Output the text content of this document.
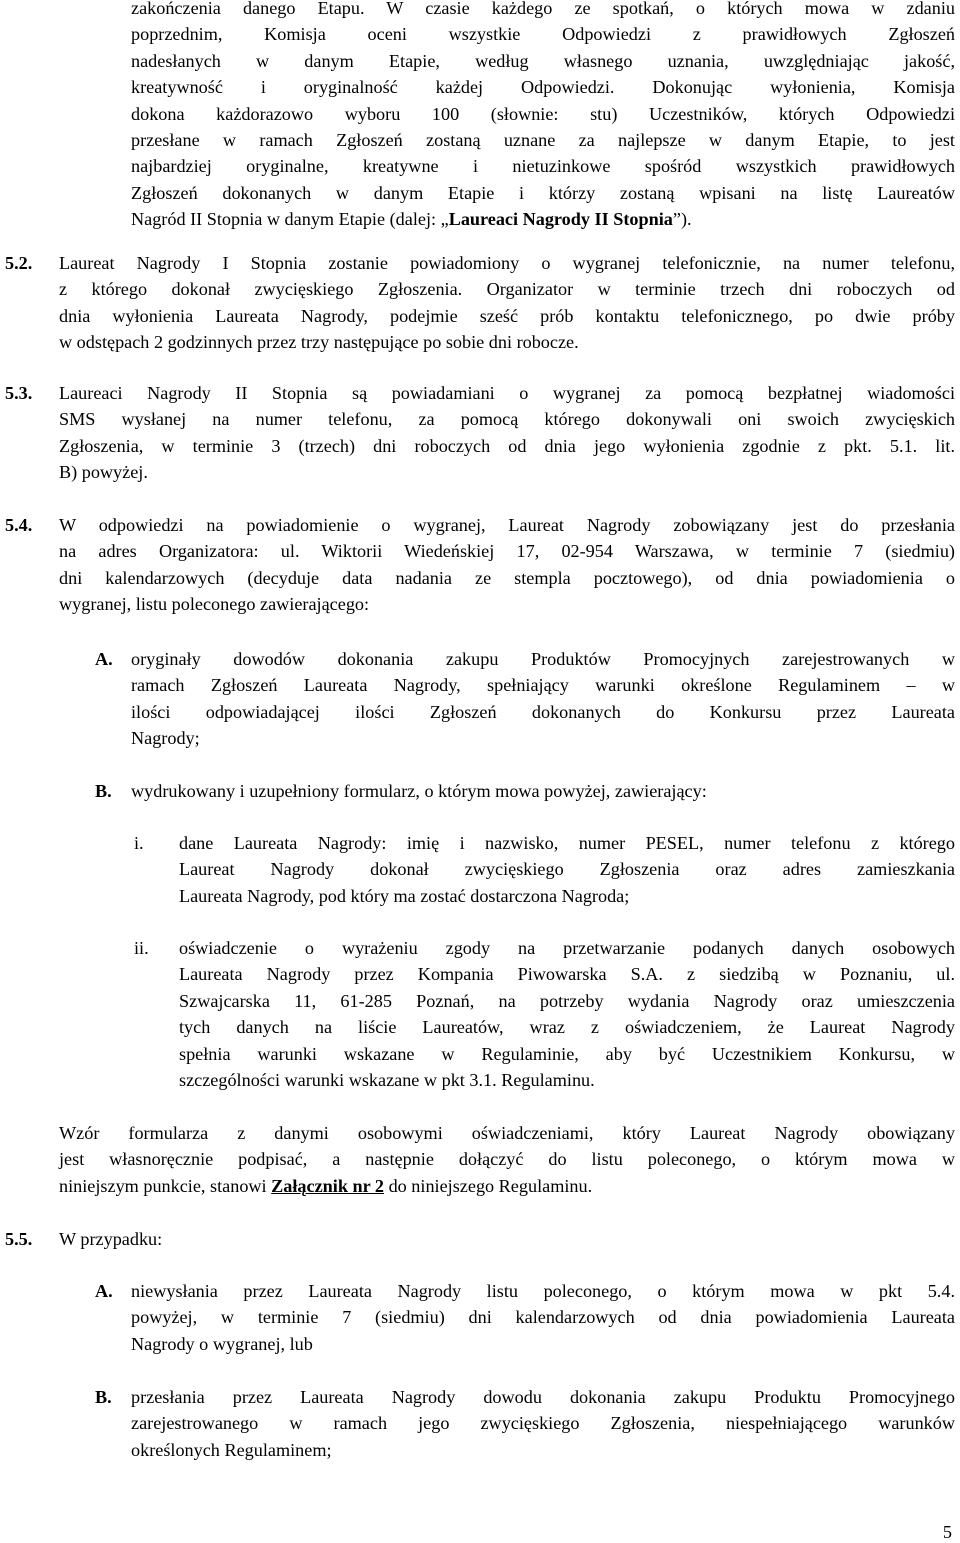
zakończenia danego Etapu. W czasie każdego ze spotkań, o których mowa w zdaniu
poprzednim, Komisja oceni wszystkie Odpowiedzi z prawidłowych Zgłoszeń
nadesłanych w danym Etapie, według własnego uznania, uwzględniając jakość,
kreatywność i oryginalność każdej Odpowiedzi. Dokonując wyłonienia, Komisja
dokona każdorazowo wyboru 100 (słownie: stu) Uczestników, których Odpowiedzi
przesłane w ramach Zgłoszeń zostaną uznane za najlepsze w danym Etapie, to jest
najbardziej oryginalne, kreatywne i nietuzinkowe spośród wszystkich prawidłowych
Zgłoszeń dokonanych w danym Etapie i którzy zostaną wpisani na listę Laureatów
Nagród II Stopnia w danym Etapie (dalej: „Laureaci Nagrody II Stopnia”).
5.2. Laureat Nagrody I Stopnia zostanie powiadomiony o wygranej telefonicznie, na numer telefonu,
z którego dokonał zwycięskiego Zgłoszenia. Organizator w terminie trzech dni roboczych od
dnia wyłonienia Laureata Nagrody, podejmie sześć prób kontaktu telefonicznego, po dwie próby
w odstępach 2 godzinnych przez trzy następujące po sobie dni robocze.
5.3. Laureaci Nagrody II Stopnia są powiadamiani o wygranej za pomocą bezpłatnej wiadomości
SMS wysłanej na numer telefonu, za pomocą którego dokonywali oni swoich zwycięskich
Zgłoszenia, w terminie 3 (trzech) dni roboczych od dnia jego wyłonienia zgodnie z pkt. 5.1. lit.
B) powyżej.
5.4. W odpowiedzi na powiadomienie o wygranej, Laureat Nagrody zobowiązany jest do przesłania
na adres Organizatora: ul. Wiktorii Wiedeńskiej 17, 02-954 Warszawa, w terminie 7 (siedmiu)
dni kalendarzowych (decyduje data nadania ze stempla pocztowego), od dnia powiadomienia o
wygranej, listu poleconego zawierającego:
A. oryginały dowodów dokonania zakupu Produktów Promocyjnych zarejestrowanych w
ramach Zgłoszeń Laureata Nagrody, spełniający warunki określone Regulaminem – w
ilości odpowiadającej ilości Zgłoszeń dokonanych do Konkursu przez Laureata
Nagrody;
B. wydrukowany i uzupełniony formularz, o którym mowa powyżej, zawierający:
i. dane Laureata Nagrody: imię i nazwisko, numer PESEL, numer telefonu z którego
Laureat Nagrody dokonał zwycięskiego Zgłoszenia oraz adres zamieszkania
Laureata Nagrody, pod który ma zostać dostarczona Nagroda;
ii. oświadczenie o wyrażeniu zgody na przetwarzanie podanych danych osobowych
Laureata Nagrody przez Kompania Piwowarska S.A. z siedzibą w Poznaniu, ul.
Szwajcarska 11, 61-285 Poznań, na potrzeby wydania Nagrody oraz umieszczenia
tych danych na liście Laureatów, wraz z oświadczeniem, że Laureat Nagrody
spełnia warunki wskazane w Regulaminie, aby być Uczestnikiem Konkursu, w
szczególności warunki wskazane w pkt 3.1. Regulaminu.
Wzór formularza z danymi osobowymi oświadczeniami, który Laureat Nagrody obowiązany
jest własnoręcznie podpisać, a następnie dołączyć do listu poleconego, o którym mowa w
niniejszym punkcie, stanowi Załącznik nr 2 do niniejszego Regulaminu.
5.5. W przypadku:
A. niewysłania przez Laureata Nagrody listu poleconego, o którym mowa w pkt 5.4.
powyżej, w terminie 7 (siedmiu) dni kalendarzowych od dnia powiadomienia Laureata
Nagrody o wygranej, lub
B. przesłania przez Laureata Nagrody dowodu dokonania zakupu Produktu Promocyjnego
zarejestrowanego w ramach jego zwycięskiego Zgłoszenia, niespełniającego warunków
określonych Regulaminem;
5
